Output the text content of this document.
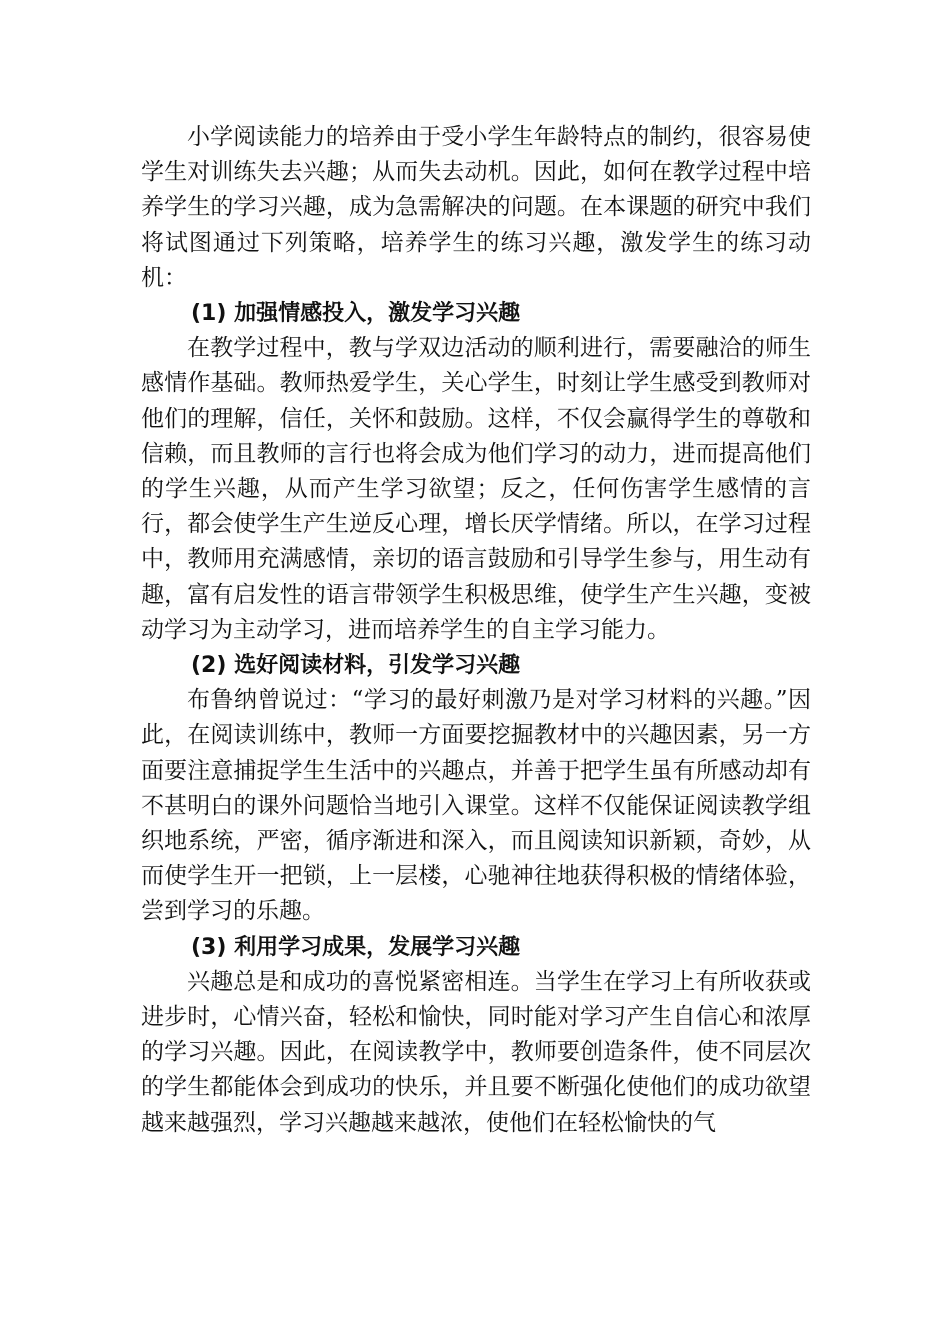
小学阅读能力的培养由于受小学生年龄特点的制约，很容易使学生对训练失去兴趣；从而失去动机。因此，如何在教学过程中培养学生的学习兴趣，成为急需解决的问题。在本课题的研究中我们将试图通过下列策略，培养学生的练习兴趣，激发学生的练习动机：

(1) 加强情感投入，激发学习兴趣

在教学过程中，教与学双边活动的顺利进行，需要融洽的师生感情作基础。教师热爱学生，关心学生，时刻让学生感受到教师对他们的理解，信任，关怀和鼓励。这样，不仅会赢得学生的尊敬和信赖，而且教师的言行也将会成为他们学习的动力，进而提高他们的学生兴趣，从而产生学习欲望；反之，任何伤害学生感情的言行，都会使学生产生逆反心理，增长厌学情绪。所以，在学习过程中，教师用充满感情，亲切的语言鼓励和引导学生参与，用生动有趣，富有启发性的语言带领学生积极思维，使学生产生兴趣，变被动学习为主动学习，进而培养学生的自主学习能力。

(2) 选好阅读材料，引发学习兴趣

布鲁纳曾说过：“学习的最好刺激乃是对学习材料的兴趣。”因此，在阅读训练中，教师一方面要挖掘教材中的兴趣因素，另一方面要注意捕捉学生生活中的兴趣点，并善于把学生虽有所感动却有不甚明白的课外问题恰当地引入课堂。这样不仅能保证阅读教学组织地系统，严密，循序渐进和深入，而且阅读知识新颖，奇妙，从而使学生开一把锁，上一层楼，心驰神往地获得积极的情绪体验，尝到学习的乐趣。

(3) 利用学习成果，发展学习兴趣

兴趣总是和成功的喜悦紧密相连。当学生在学习上有所收获或进步时，心情兴奋，轻松和愉快，同时能对学习产生自信心和浓厚的学习兴趣。因此，在阅读教学中，教师要创造条件，使不同层次的学生都能体会到成功的快乐，并且要不断强化使他们的成功欲望越来越强烈，学习兴趣越来越浓，使他们在轻松愉快的气
